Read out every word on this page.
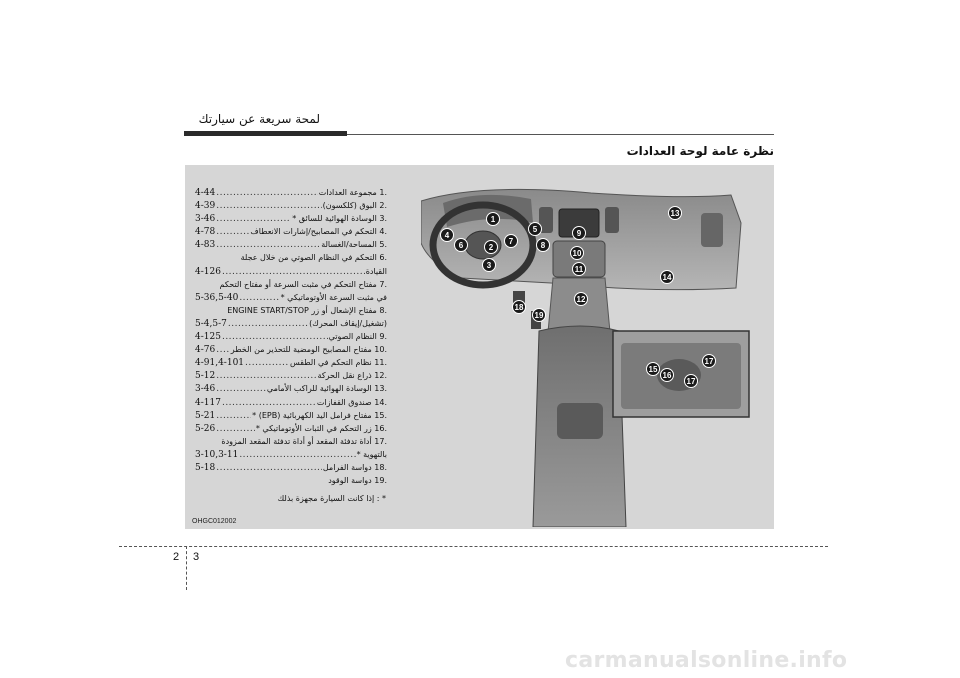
لمحة سريعة عن سيارتك
نظرة عامة لوحة العدادات
4-44 .....	.1 مجموعة العدادات
4-39 .....	.2 البوق (كلكسون)
3-46 .....	.3 الوسادة الهوائية للسائق *
4-78 .....	.4 التحكم في المصابيح/إشارات الانعطاف
4-83 .....	.5 المساحة/الغسالة
.6 التحكم في النظام الصوتي من خلال عجلة
4-126 .....	القيادة
.7 مفتاح التحكم في مثبت السرعة أو مفتاح التحكم
5-36,5-40 .....	في مثبت السرعة الأوتوماتيكي *
.8 مفتاح الإشعال أو زر ENGINE START/STOP
5-4,5-7 .....	(تشغيل/إيقاف المحرك)
4-125 .....	.9 النظام الصوتي
4-76 ..... .10 مفتاح المصابيح الومضية للتحذير من الخطر
4-91,4-101 .....	.11 نظام التحكم في الطقس
5-12 .....	.12 ذراع نقل الحركة
3-46 .....	.13 الوسادة الهوائية للراكب الأمامي
4-117 .....	.14 صندوق القفازات
5-21 .....	.15 مفتاح فرامل اليد الكهربائية (EPB) *
5-26 .....	.16 زر التحكم في الثبات الأوتوماتيكي *
.17 أداة تدفئة المقعد أو أداة تدفئة المقعد المزودة
3-10,3-11 .....	بالتهوية *
5-18 .....	.18 دواسة الفرامل
.19 دواسة الوقود
* : إذا كانت السيارة مجهزة بذلك
OHGC012002
1
2
3
4
5
6	7	8
9
10
11
12
13
14
15
16
17
17
18
19
2 3
carmanualsonline.info
